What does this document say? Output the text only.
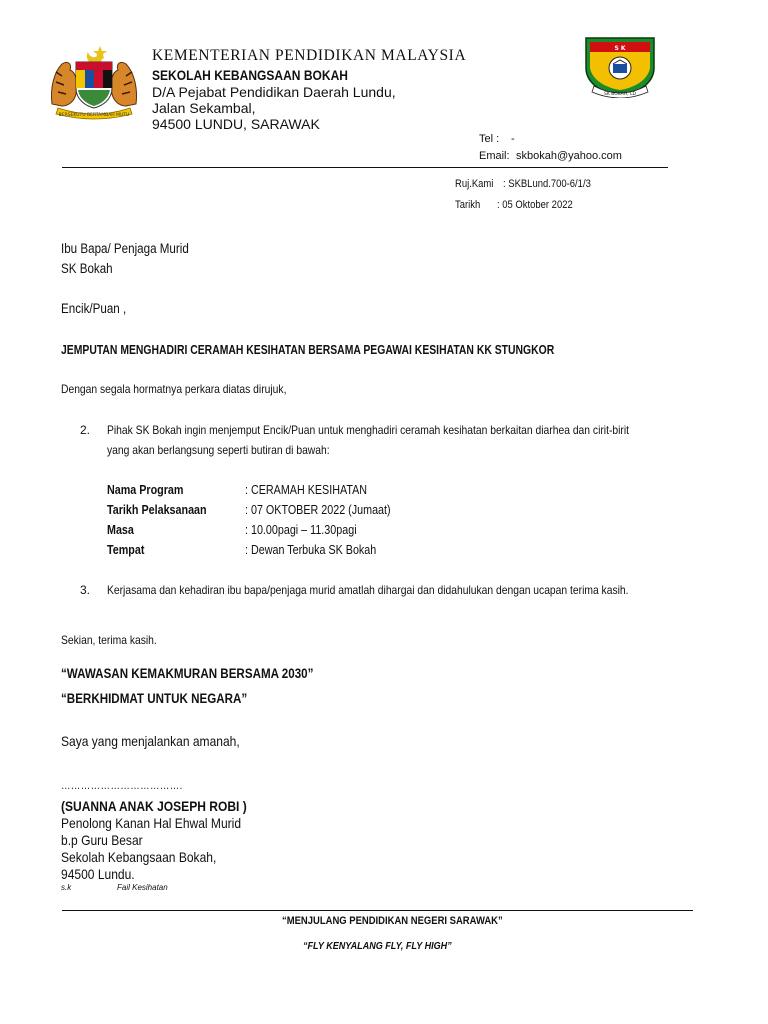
BERSEKUTU BERTAMBAH MUTU
S K
SK BOKAH, LD
KEMENTERIAN PENDIDIKAN MALAYSIA
SEKOLAH KEBANGSAAN BOKAH
D/A Pejabat Pendidikan Daerah Lundu,
Jalan Sekambal,
94500 LUNDU, SARAWAK
Tel : -
Email: skbokah@yahoo.com
Ruj.Kami : SKBLund.700-6/1/3
Tarikh : 05 Oktober 2022
Ibu Bapa/ Penjaga Murid
SK Bokah
Encik/Puan ,
JEMPUTAN MENGHADIRI CERAMAH KESIHATAN BERSAMA PEGAWAI KESIHATAN KK STUNGKOR
Dengan segala hormatnya perkara diatas dirujuk,
2. Pihak SK Bokah ingin menjemput Encik/Puan untuk menghadiri ceramah kesihatan berkaitan diarhea dan cirit-birit
yang akan berlangsung seperti butiran di bawah:
Nama Program	: CERAMAH KESIHATAN
Tarikh Pelaksanaan	: 07 OKTOBER 2022 (Jumaat)
Masa	: 10.00pagi – 11.30pagi
Tempat	: Dewan Terbuka SK Bokah
3. Kerjasama dan kehadiran ibu bapa/penjaga murid amatlah dihargai dan didahulukan dengan ucapan terima kasih.
Sekian, terima kasih.
“WAWASAN KEMAKMURAN BERSAMA 2030”
“BERKHIDMAT UNTUK NEGARA”
Saya yang menjalankan amanah,
……………………………….
(SUANNA ANAK JOSEPH ROBI )
Penolong Kanan Hal Ehwal Murid
b.p Guru Besar
Sekolah Kebangsaan Bokah,
94500 Lundu.
s.k	Fail Kesihatan
“MENJULANG PENDIDIKAN NEGERI SARAWAK”
“FLY KENYALANG FLY, FLY HIGH”
